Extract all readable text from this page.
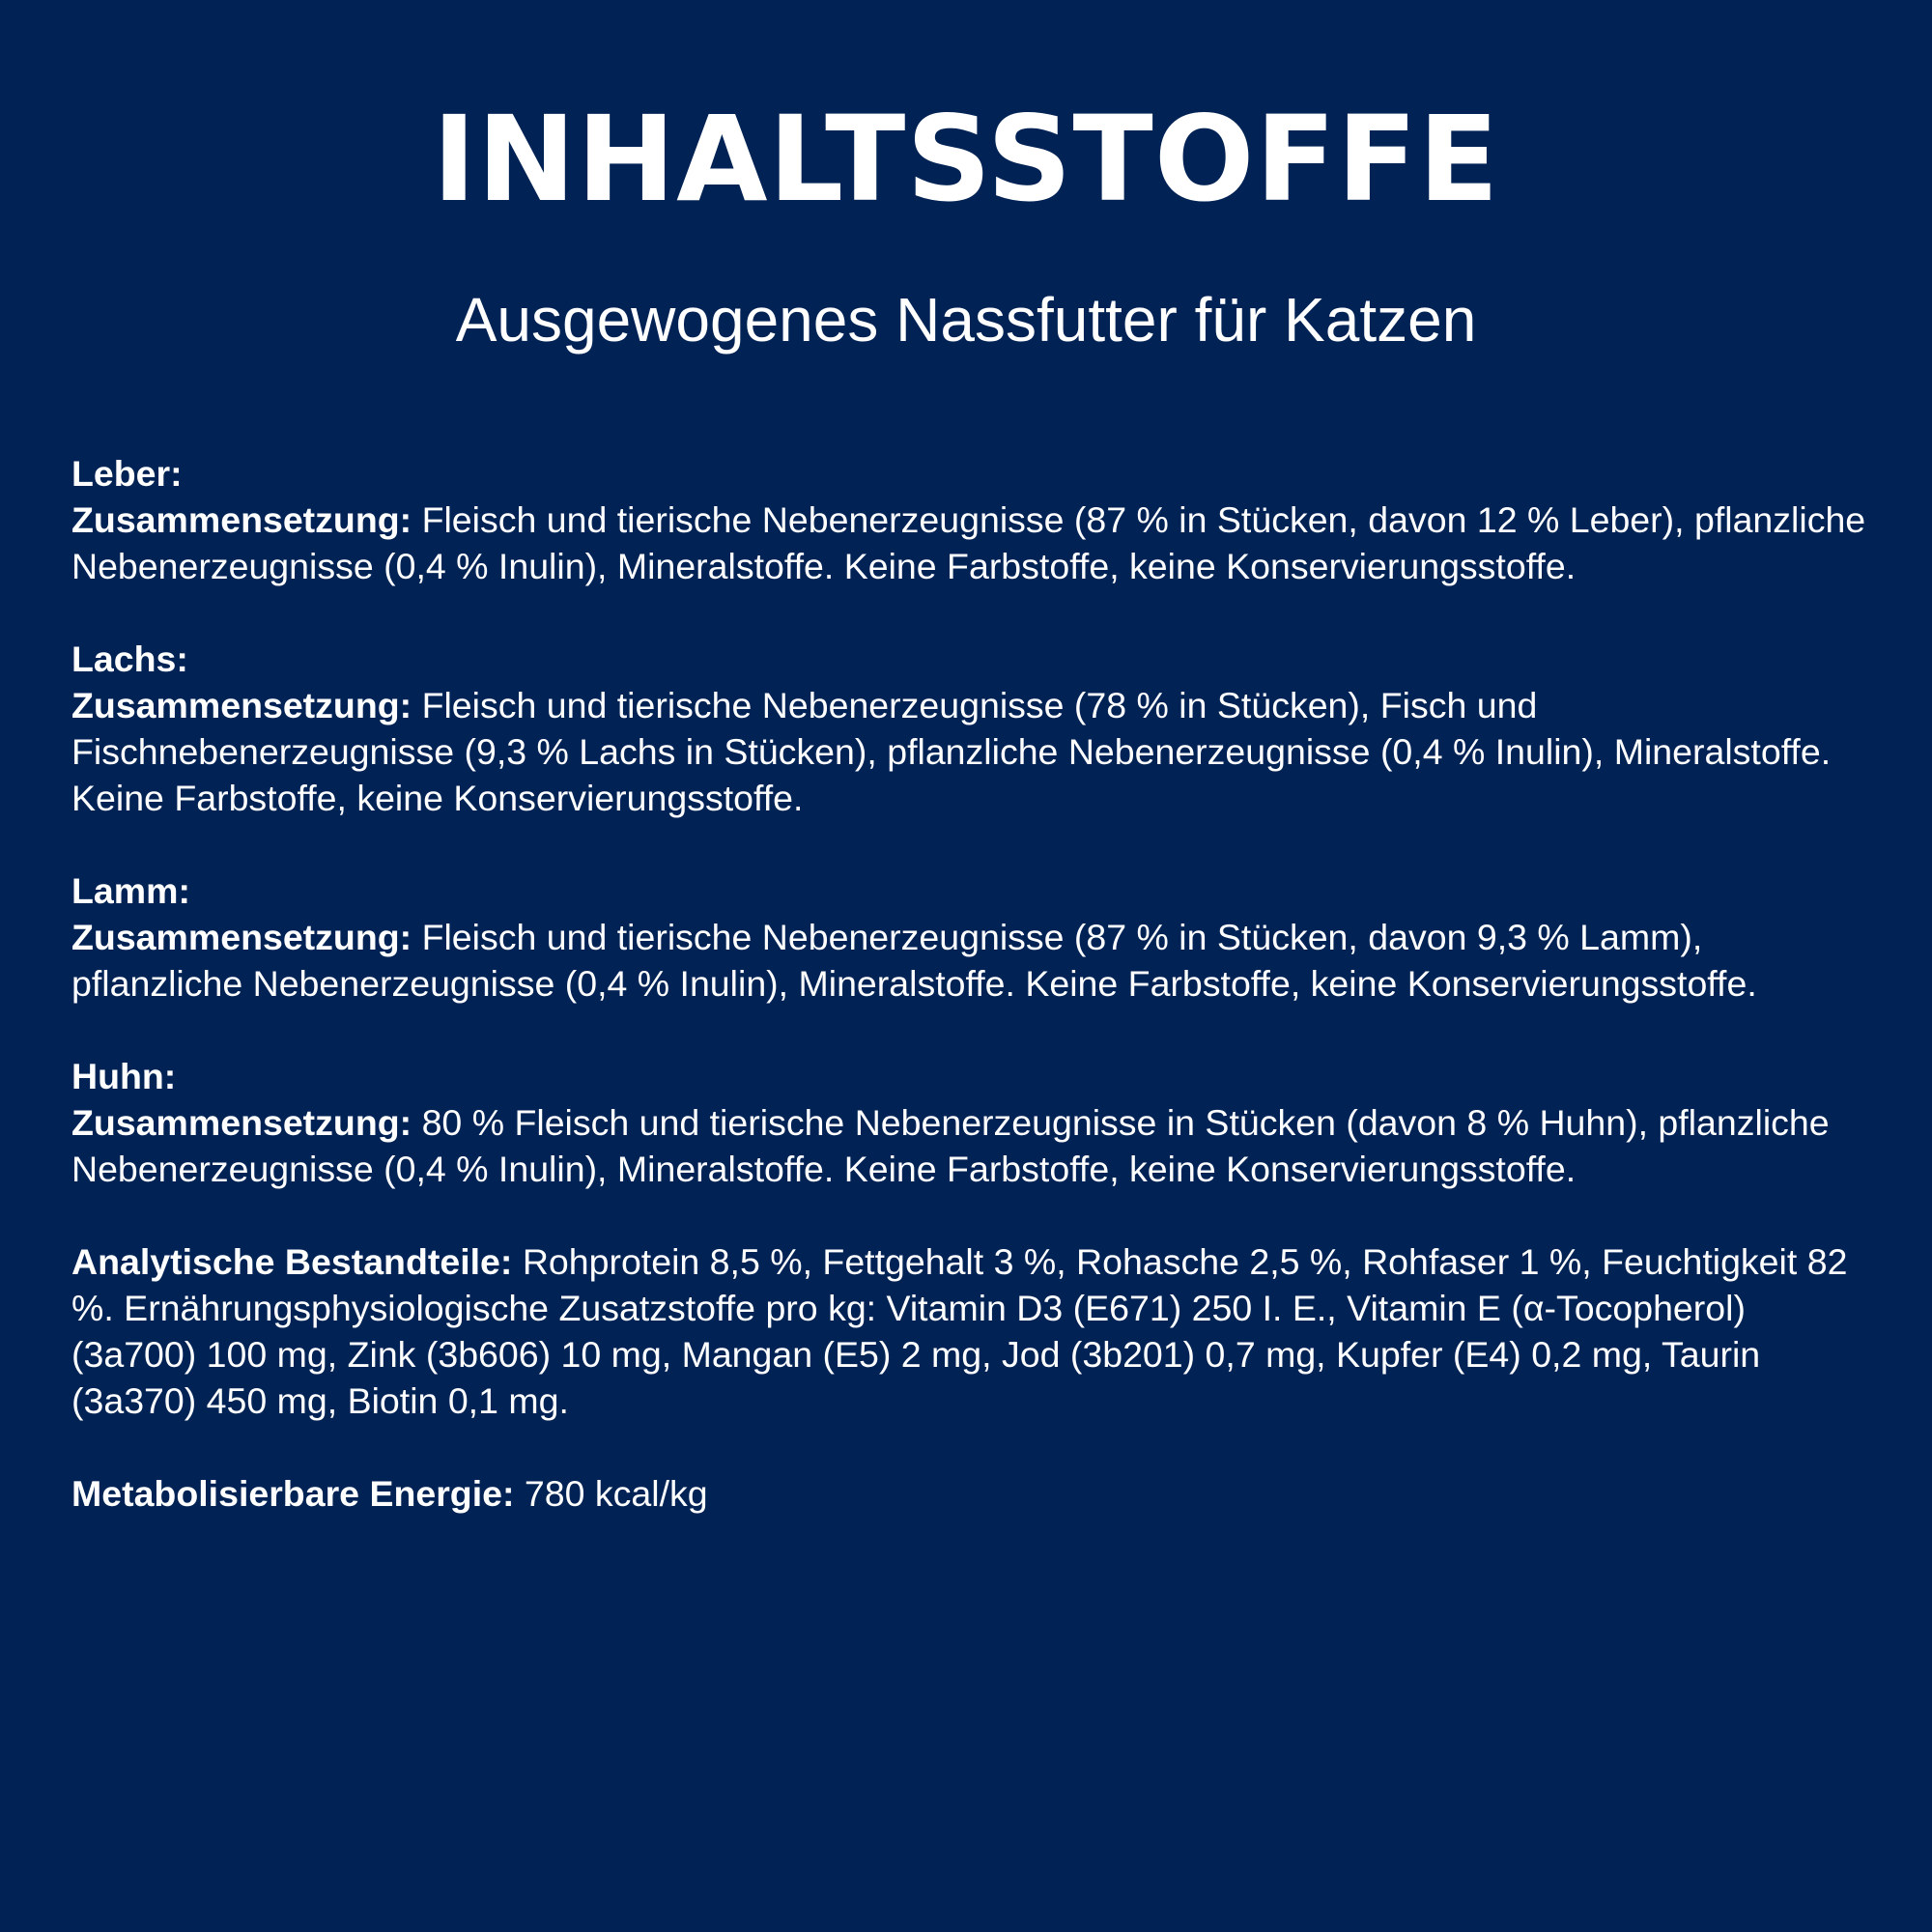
INHALTSSTOFFE
Ausgewogenes Nassfutter für Katzen

Leber:

Zusammensetzung: Fleisch und tierische Nebenerzeugnisse (87 % in Stücken, davon 12 % Leber), pflanzliche Nebenerzeugnisse (0,4 % Inulin), Mineralstoffe. Keine Farbstoffe, keine Konservierungsstoffe.

Lachs:

Zusammensetzung: Fleisch und tierische Nebenerzeugnisse (78 % in Stücken), Fisch und Fischnebenerzeugnisse (9,3 % Lachs in Stücken), pflanzliche Nebenerzeugnisse (0,4 % Inulin), Mineralstoffe. Keine Farbstoffe, keine Konservierungsstoffe.

Lamm:

Zusammensetzung: Fleisch und tierische Nebenerzeugnisse (87 % in Stücken, davon 9,3 % Lamm), pflanzliche Nebenerzeugnisse (0,4 % Inulin), Mineralstoffe. Keine Farbstoffe, keine Konservierungsstoffe.

Huhn:

Zusammensetzung: 80 % Fleisch und tierische Nebenerzeugnisse in Stücken (davon 8 % Huhn), pflanzliche Nebenerzeugnisse (0,4 % Inulin), Mineralstoffe. Keine Farbstoffe, keine Konservierungsstoffe.

Analytische Bestandteile: Rohprotein 8,5 %, Fettgehalt 3 %, Rohasche 2,5 %, Rohfaser 1 %, Feuchtigkeit 82 %. Ernährungsphysiologische Zusatzstoffe pro kg: Vitamin D3 (E671) 250 I. E., Vitamin E (α-Tocopherol) (3a700) 100 mg, Zink (3b606) 10 mg, Mangan (E5) 2 mg, Jod (3b201) 0,7 mg, Kupfer (E4) 0,2 mg, Taurin (3a370) 450 mg, Biotin 0,1 mg.

Metabolisierbare Energie: 780 kcal/kg
